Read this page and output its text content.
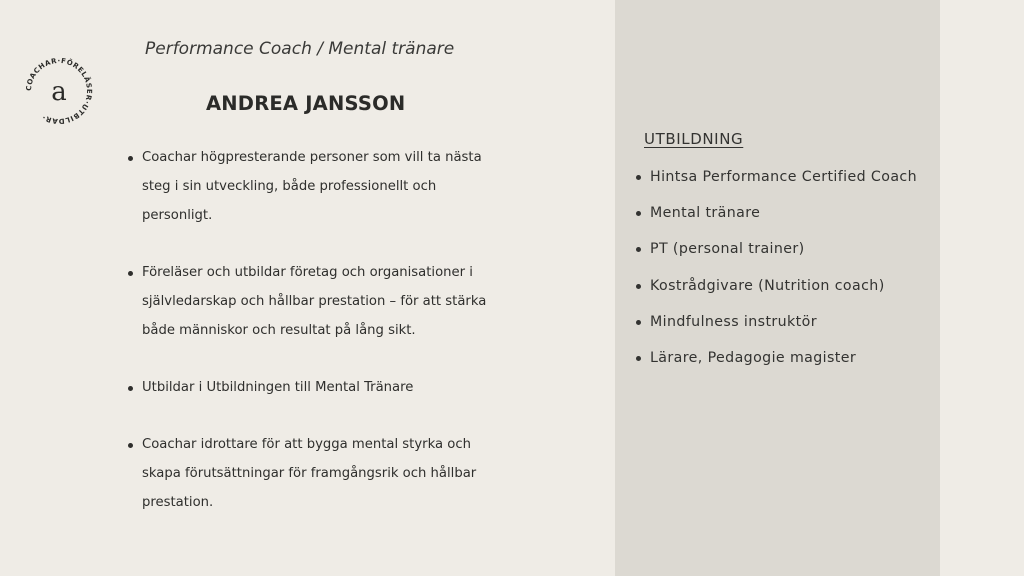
COACHAR·FÖRELÄSER·UTBILDAR·
a
Performance Coach / Mental tränare
ANDREA JANSSON
Coachar högpresterande personer som vill ta nästa steg i sin utveckling, både professionellt och personligt.
Föreläser och utbildar företag och organisationer i självledarskap och hållbar prestation – för att stärka både människor och resultat på lång sikt.
Utbildar i Utbildningen till Mental Tränare
Coachar idrottare för att bygga mental styrka och skapa förutsättningar för framgångsrik och hållbar prestation.
UTBILDNING
Hintsa Performance Certified Coach
Mental tränare
PT (personal trainer)
Kostrådgivare (Nutrition coach)
Mindfulness instruktör
Lärare, Pedagogie magister
